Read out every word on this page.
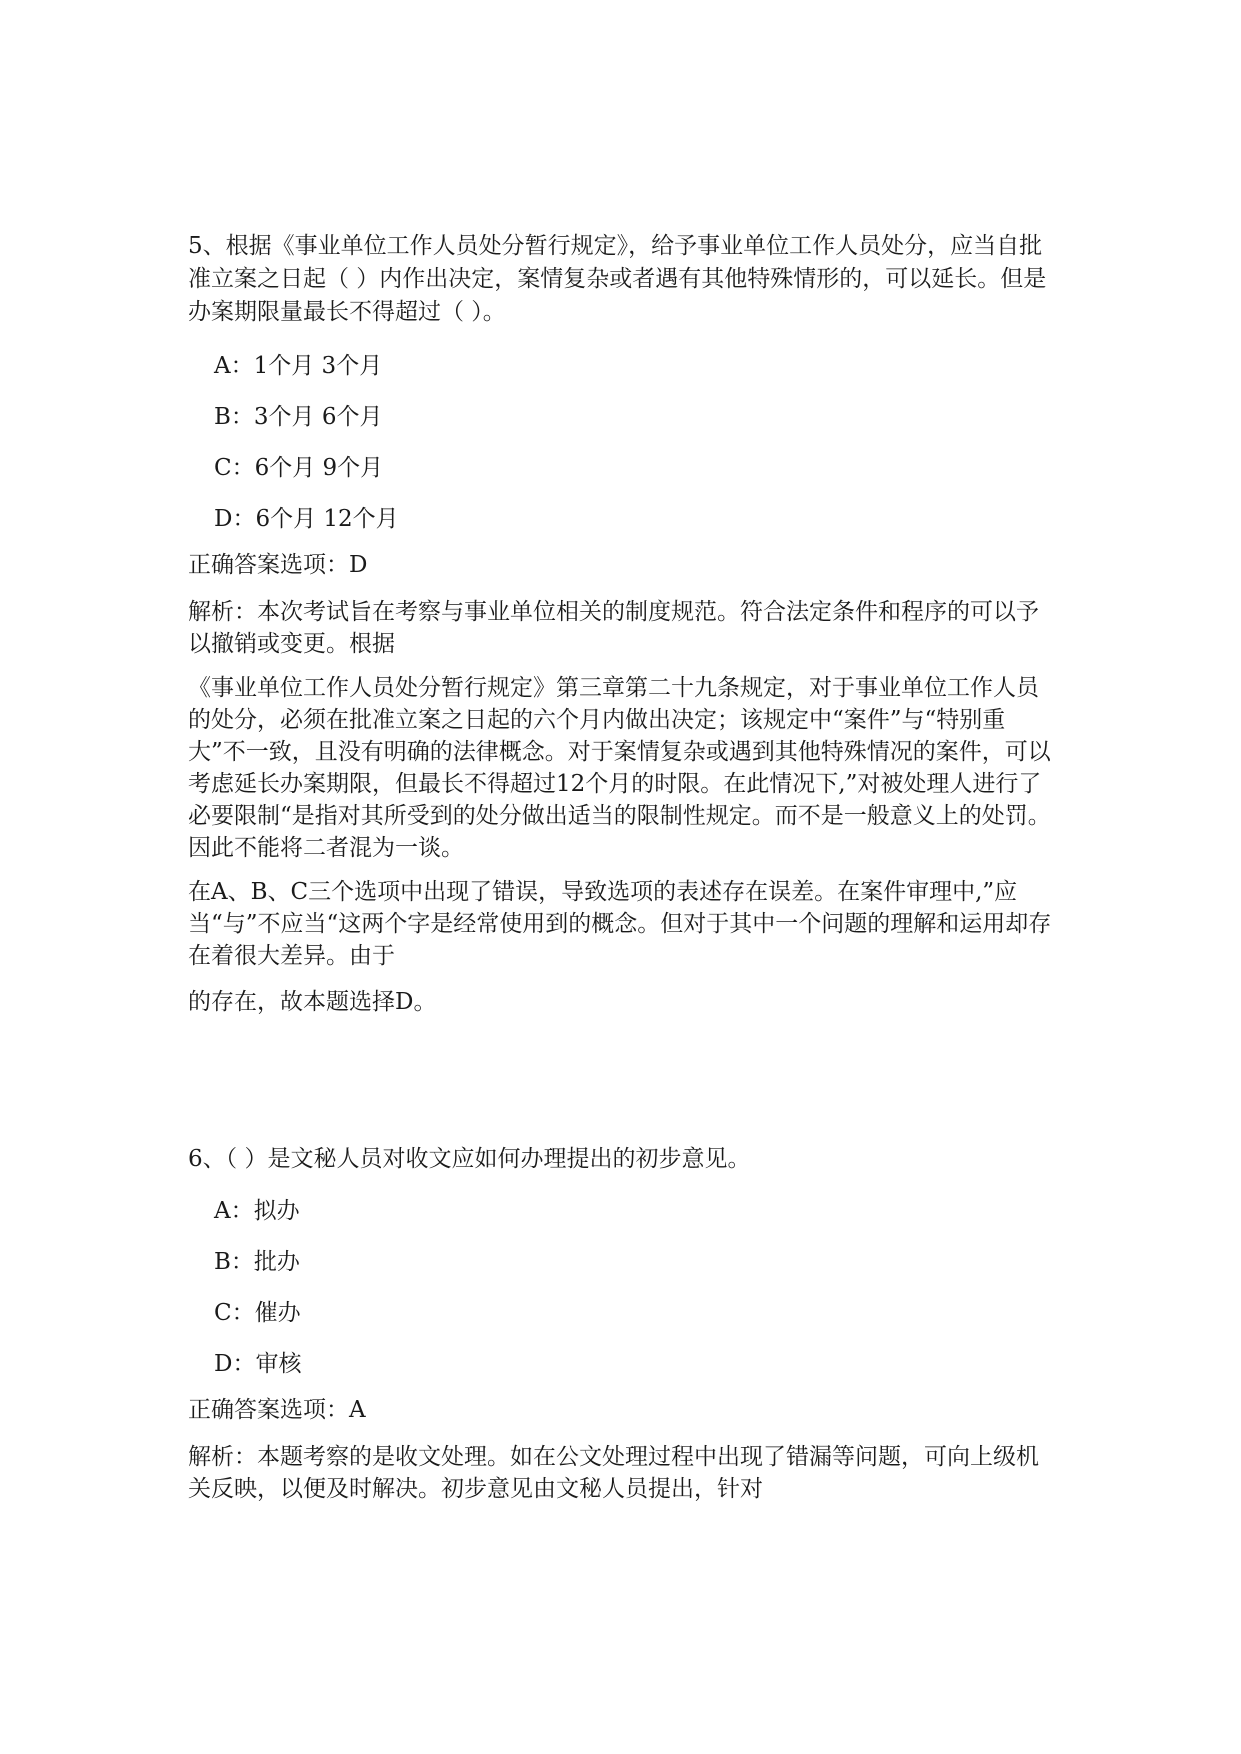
5、根据《事业单位工作人员处分暂行规定》，给予事业单位工作人员处分，应当自批准立案之日起（ ）内作出决定，案情复杂或者遇有其他特殊情形的，可以延长。但是办案期限量最长不得超过（ ）。

A：1个月 3个月
B：3个月 6个月
C：6个月 9个月
D：6个月 12个月

正确答案选项：D

解析：本次考试旨在考察与事业单位相关的制度规范。符合法定条件和程序的可以予以撤销或变更。根据

《事业单位工作人员处分暂行规定》第三章第二十九条规定，对于事业单位工作人员的处分，必须在批准立案之日起的六个月内做出决定；该规定中“案件”与“特别重大”不一致，且没有明确的法律概念。对于案情复杂或遇到其他特殊情况的案件，可以考虑延长办案期限，但最长不得超过12个月的时限。在此情况下,”对被处理人进行了必要限制“是指对其所受到的处分做出适当的限制性规定。而不是一般意义上的处罚。因此不能将二者混为一谈。

在A、B、C三个选项中出现了错误，导致选项的表述存在误差。在案件审理中,”应当“与”不应当“这两个字是经常使用到的概念。但对于其中一个问题的理解和运用却存在着很大差异。由于

的存在，故本题选择D。

6、（ ）是文秘人员对收文应如何办理提出的初步意见。

A：拟办
B：批办
C：催办
D：审核

正确答案选项：A

解析：本题考察的是收文处理。如在公文处理过程中出现了错漏等问题，可向上级机关反映，以便及时解决。初步意见由文秘人员提出，针对
